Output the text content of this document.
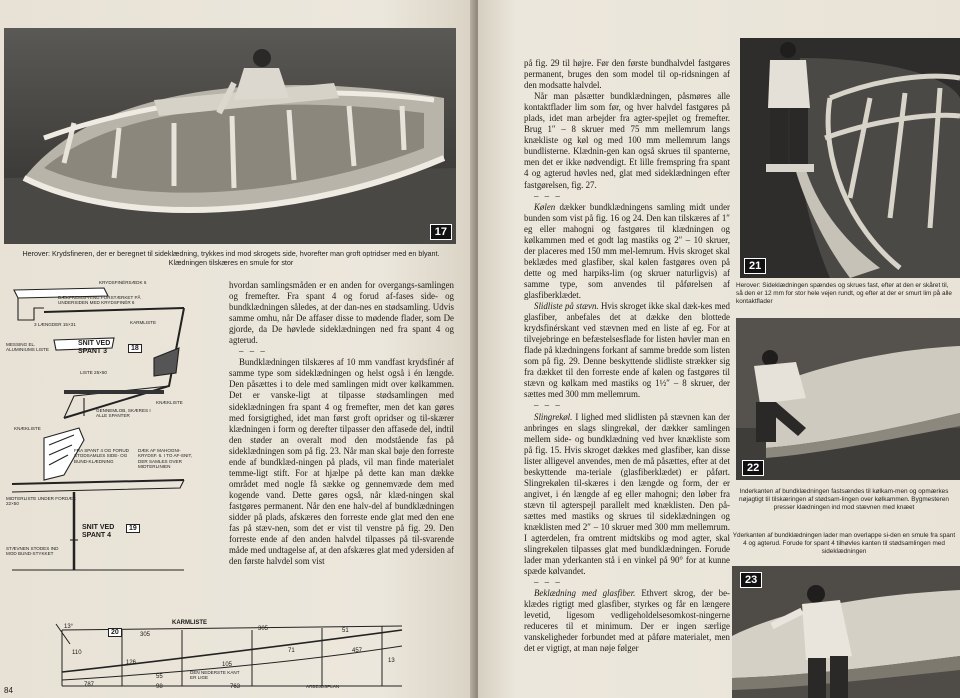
17
Herover: Krydsfineren, der er beregnet til sideklædning, trykkes ind mod skrogets side, hvorefter man groft optridser med en blyant. Klædningen tilskæres en smule for stor
KRYDSFINÉRSÆDK 6
DÆKFREMSPRING FORSTÆRKET PÅ UNDERSIDEN MED KRYDSFINÉR 6
3 LÆNGDER 15×31	KARMLISTE
MESSING EL. ALUMINIUMS LISTE
SNIT VED SPANT 3	18
LISTE 25×50
KNÆKLISTE
GENNEMLOB, SKÆRES I ALLE SPANTER
KNÆKLISTE
FRA SPANT 4 OG FORUD STODSAMLES SIDE- OG BUND-KLÆDNING
DÆK AF MAHOGNI-KRYDSF. 6. I TO AF-SNIT, DER SAMLES OVER MIDTERLINIEN
MIDTERLISTE UNDER FORDÆK 22×50
SNIT VED SPANT 4
19
STÆVNEN STODES IND MOD BUND-STYKKET
13°
20	305
KARMLISTE
305	51
110
126
71	457
13
787
55
105
98
DEN NEDERSTE KANT ER LIGE
763	ARBEJDSPLAN
84

hvordan samlingsmåden er en anden for overgangs-samlingen og fremefter. Fra spant 4 og forud af-fases side- og bundklædningen således, at der dan-nes en stødsamling. Udvis samme omhu, når De affaser disse to mødende flader, som De gjorde, da De høvlede sideklædningen ned fra spant 4 og agterud.

– – –

Bundklædningen tilskæres af 10 mm vandfast krydsfinér af samme type som sideklædningen og helst også i én længde. Den påsættes i to dele med samlingen midt over kølkammen. Det er vanske-ligt at tilpasse stødsamlingen med sideklædningen fra spant 4 og fremefter, men det kan gøres med forsigtighed, idet man først groft opridser og til-skærer klædningen i form og derefter tilpasser den affasede del, indtil den støder an overalt mod den modstående fas på sideklædningen som på fig. 23. Når man skal bøje den forreste ende af bundklæd-ningen på plads, vil man finde materialet temme-ligt stift. For at hjælpe på dette kan man dække området med nogle få sække og gennemvæde dem med kogende vand. Dette gøres også, når klæd-ningen skal fastgøres permanent. Når den ene halv-del af bundklædningen sidder på plads, afskæres den forreste ende glat med den ene fas på stæv-nen, som det er vist til venstre på fig. 29. Den forreste ende af den anden halvdel tilpasses på til-svarende måde med undtagelse af, at den afskæres glat med ydersiden af den første halvdel som vist

på fig. 29 til højre. Før den første bundhalvdel fastgøres permanent, bruges den som model til op-ridsningen af den modsatte halvdel.

Når man påsætter bundklædningen, påsmøres alle kontaktflader lim som før, og hver halvdel fastgøres på plads, idet man arbejder fra agter-spejlet og fremefter. Brug 1″ – 8 skruer med 75 mm mellemrum langs knækliste og køl og med 100 mm mellemrum langs bundlisterne. Klædnin-gen kan også skrues til spanterne, men det er ikke nødvendigt. Et lille fremspring fra spant 4 og agterud høvles ned, glat med sideklædningen efter fastgørelsen, fig. 27.

– – –

Kølen dækker bundklædningens samling midt under bunden som vist på fig. 16 og 24. Den kan tilskæres af 1″ eg eller mahogni og fastgøres til klædningen og kølkammen med et godt lag mastiks og 2″ – 10 skruer, der placeres med 150 mm mel-lemrum. Hvis skroget skal beklædes med glasfiber, skal kølen fastgøres oven på dette og med harpiks-lim (og skruer naturligvis) af samme type, som anvendes til påførelsen af glasfiberklædet.

Slidliste på stævn. Hvis skroget ikke skal dæk-kes med glasfiber, anbefales det at dække den blottede krydsfinérskant ved stævnen med en liste af eg. For at tilvejebringe en befæstelsesflade for listen høvler man en flade på klædningens forkant af samme bredde som listen som på fig. 29. Denne beskyttende slidliste strækker sig fra dækket til den forreste ende af kølen og fastgøres til stævn og kølkam med mastiks og 1½″ – 8 skruer, der sættes med 300 mm mellemrum.

– – –

Slingrekøl. I lighed med slidlisten på stævnen kan der anbringes en slags slingrekøl, der dækker samlingen mellem side- og bundklædning ved hver knækliste som på fig. 15. Hvis skroget dækkes med glasfiber, kan disse lister alligevel anvendes, men de må påsættes, efter at det beskyttende ma-teriale (glasfiberklædet) er påført. Slingrekølen til-skæres i den længde og form, der er angivet, i én længde af eg eller mahogni; den løber fra stævn til agterspejl parallelt med knæklisten. Den på-sættes med mastiks og skrues til sideklædningen og knæklisten med 2″ – 10 skruer med 300 mm mellemrum. I agterdelen, fra omtrent midtskibs og mod agter, skal slingrekølen tilpasses glat med bundklædningen. Forude lader man yderkanten stå i en vinkel på 90° for at kunne spæde kølvandet.

– – –

Beklædning med glasfiber. Ethvert skrog, der be-klædes rigtigt med glasfiber, styrkes og får en længere levetid, ligesom vedligeholdelsesomkost-ningerne reduceres til et minimum. Der er ingen særlige vanskeligheder forbundet med at påføre materialet, men det er vigtigt, at man nøje følger

21
Herover: Sideklædningen spændes og skrues fast, efter at den er skåret til, så den er 12 mm for stor hele vejen rundt, og efter at der er smurt lim på alle kontaktflader
22
Inderkanten af bundklædningen fastsændes til kølkam-men og opmærkes nøjagtigt til tilskæringen af stødsam-lingen over kølkammen. Bygmesteren presser klædningen ind mod stævnen med knæet
Yderkanten af bundklædningen lader man overlappe si-den en smule fra spant 4 og agterud. Forude for spant 4 tilhøvles kanten til stødsamlingen med sideklædningen
23
